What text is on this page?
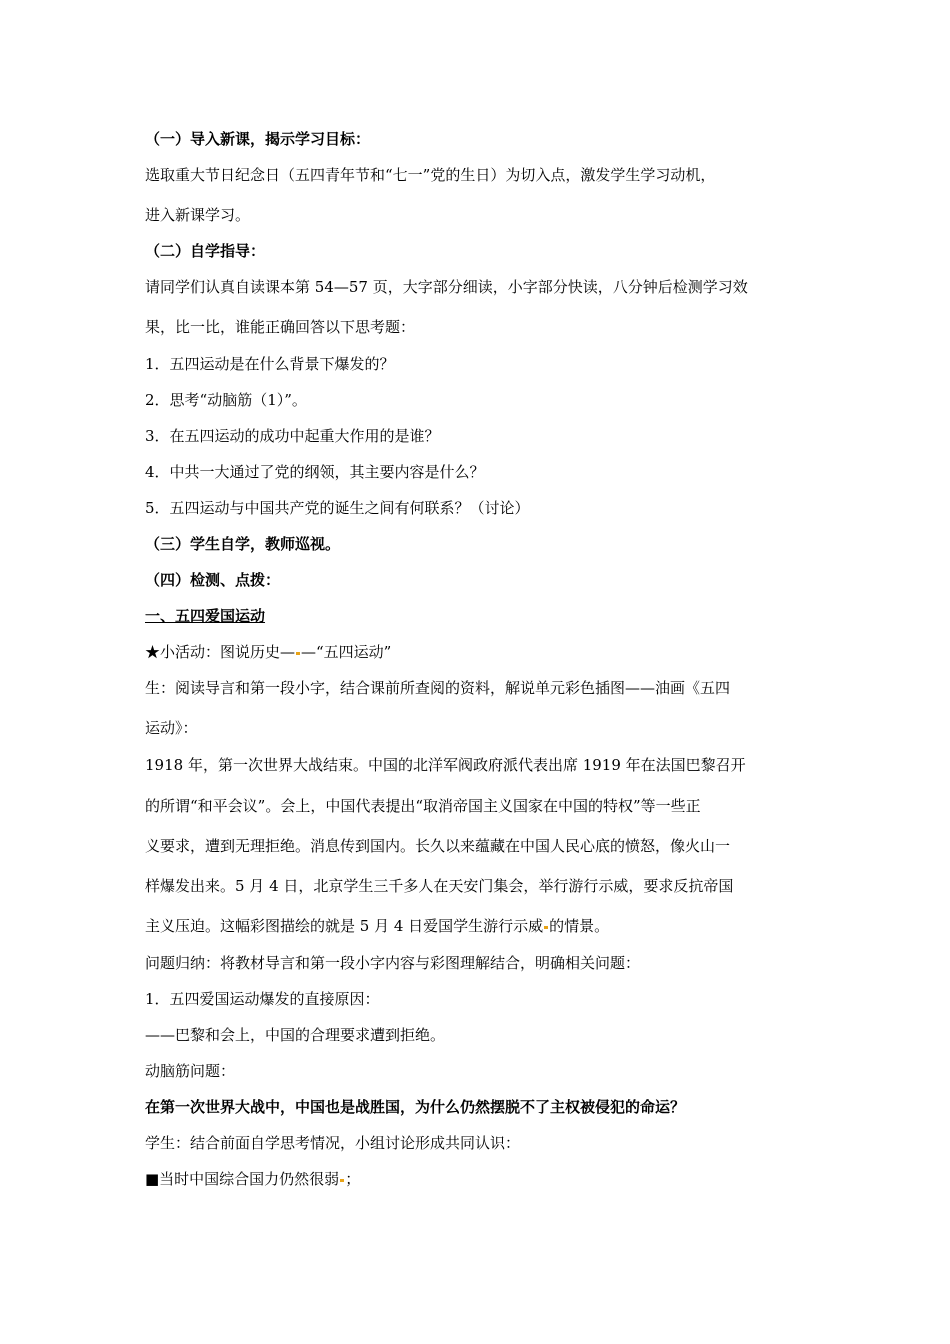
（一）导入新课，揭示学习目标：
选取重大节日纪念日（五四青年节和“七一”党的生日）为切入点，激发学生学习动机，
进入新课学习。
（二）自学指导：
请同学们认真自读课本第 54—57 页，大字部分细读，小字部分快读，八分钟后检测学习效
果，比一比，谁能正确回答以下思考题：
1．五四运动是在什么背景下爆发的？
2．思考“动脑筋（1）”。
3．在五四运动的成功中起重大作用的是谁？
4．中共一大通过了党的纲领，其主要内容是什么？
5．五四运动与中国共产党的诞生之间有何联系？（讨论）
（三）学生自学，教师巡视。
（四）检测、点拨：
一、五四爱国运动
★小活动：图说历史— —“五四运动”
生：阅读导言和第一段小字，结合课前所查阅的资料，解说单元彩色插图——油画《五四
运动》：
1918 年，第一次世界大战结束。中国的北洋军阀政府派代表出席 1919 年在法国巴黎召开
的所谓“和平会议”。会上，中国代表提出“取消帝国主义国家在中国的特权”等一些正
义要求，遭到无理拒绝。消息传到国内。长久以来蕴藏在中国人民心底的愤怒，像火山一
样爆发出来。5 月 4 日，北京学生三千多人在天安门集会，举行游行示威，要求反抗帝国
主义压迫。这幅彩图描绘的就是 5 月 4 日爱国学生游行示威 的情景。
问题归纳：将教材导言和第一段小字内容与彩图理解结合，明确相关问题：
1．五四爱国运动爆发的直接原因：
——巴黎和会上，中国的合理要求遭到拒绝。
动脑筋问题：
在第一次世界大战中，中国也是战胜国，为什么仍然摆脱不了主权被侵犯的命运？
学生：结合前面自学思考情况，小组讨论形成共同认识：
■当时中国综合国力仍然很弱 ；
